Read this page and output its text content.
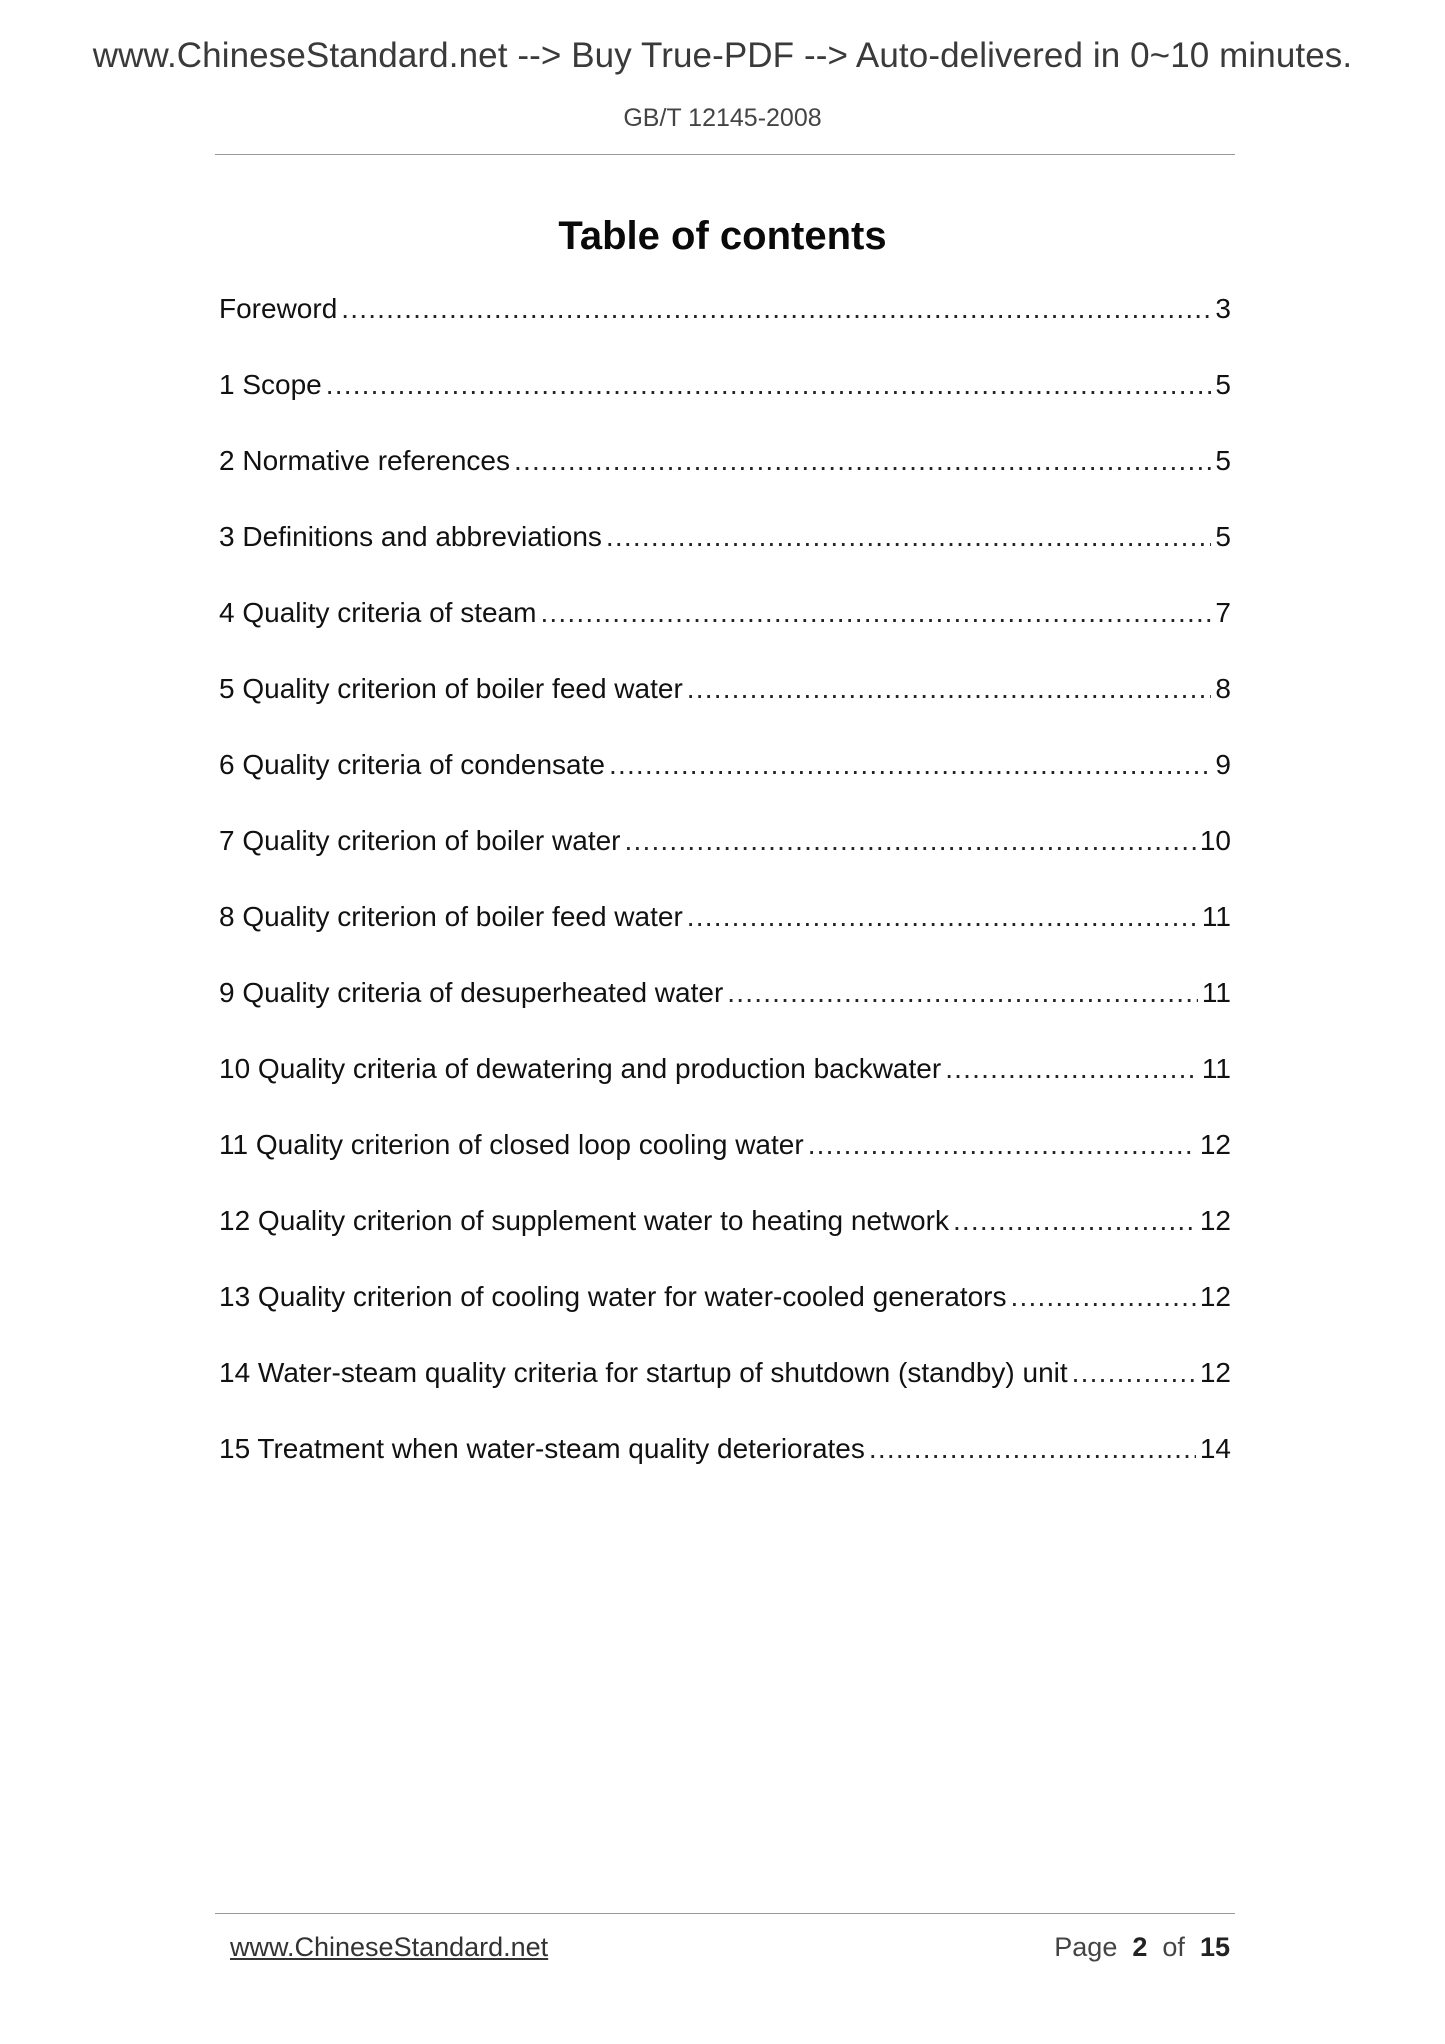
www.ChineseStandard.net --> Buy True-PDF --> Auto-delivered in 0~10 minutes.
GB/T 12145-2008
Table of contents
Foreword .....	3
1 Scope .....	5
2 Normative references .....	5
3 Definitions and abbreviations .....	5
4 Quality criteria of steam .....	7
5 Quality criterion of boiler feed water .....	8
6 Quality criteria of condensate .....	9
7 Quality criterion of boiler water .....	10
8 Quality criterion of boiler feed water .....	11
9 Quality criteria of desuperheated water .....	11
10 Quality criteria of dewatering and production backwater .....	11
11 Quality criterion of closed loop cooling water .....	12
12 Quality criterion of supplement water to heating network .....	12
13 Quality criterion of cooling water for water-cooled generators .....	12
14 Water-steam quality criteria for startup of shutdown (standby) unit .....	12
15 Treatment when water-steam quality deteriorates .....	14
www.ChineseStandard.net	Page 2 of 15
